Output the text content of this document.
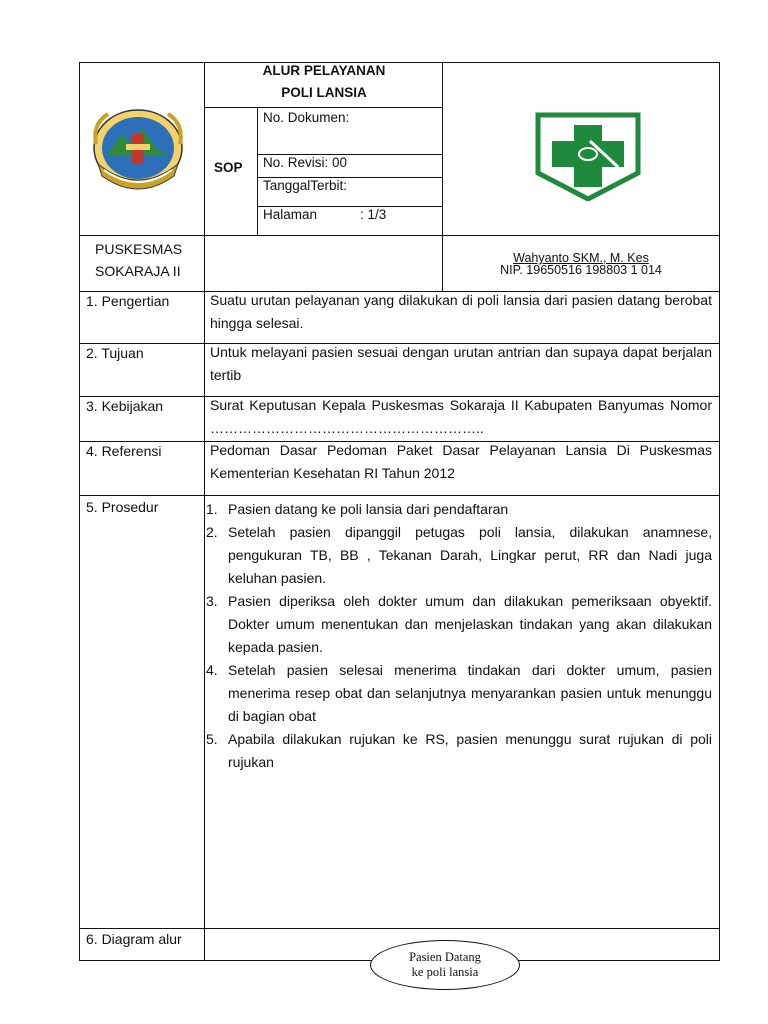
ALUR PELAYANAN
POLI LANSIA
SOP
No. Dokumen:
No. Revisi: 00
TanggalTerbit:
Halaman	: 1/3
PUSKESMAS
SOKARAJA II
Wahyanto SKM., M. Kes
NIP. 19650516 198803 1 014
1. Pengertian	Suatu urutan pelayanan yang dilakukan di poli lansia dari pasien datang berobat hingga selesai.
2. Tujuan	Untuk melayani pasien sesuai dengan urutan antrian dan supaya dapat berjalan tertib
3. Kebijakan	Surat Keputusan Kepala Puskesmas Sokaraja II Kabupaten Banyumas Nomor …………………………………………………..
4. Referensi	Pedoman Dasar Pedoman Paket Dasar Pelayanan Lansia Di Puskesmas Kementerian Kesehatan RI Tahun 2012
5. Prosedur	1. Pasien datang ke poli lansia dari pendaftaran
2. Setelah pasien dipanggil petugas poli lansia, dilakukan anamnese, pengukuran TB, BB , Tekanan Darah, Lingkar perut, RR dan Nadi juga keluhan pasien.
3. Pasien diperiksa oleh dokter umum dan dilakukan pemeriksaan obyektif. Dokter umum menentukan dan menjelaskan tindakan yang akan dilakukan kepada pasien.
4. Setelah pasien selesai menerima tindakan dari dokter umum, pasien menerima resep obat dan selanjutnya menyarankan pasien untuk menunggu di bagian obat
5. Apabila dilakukan rujukan ke RS, pasien menunggu surat rujukan di poli rujukan
6. Diagram alur
Pasien Datang
ke poli lansia
